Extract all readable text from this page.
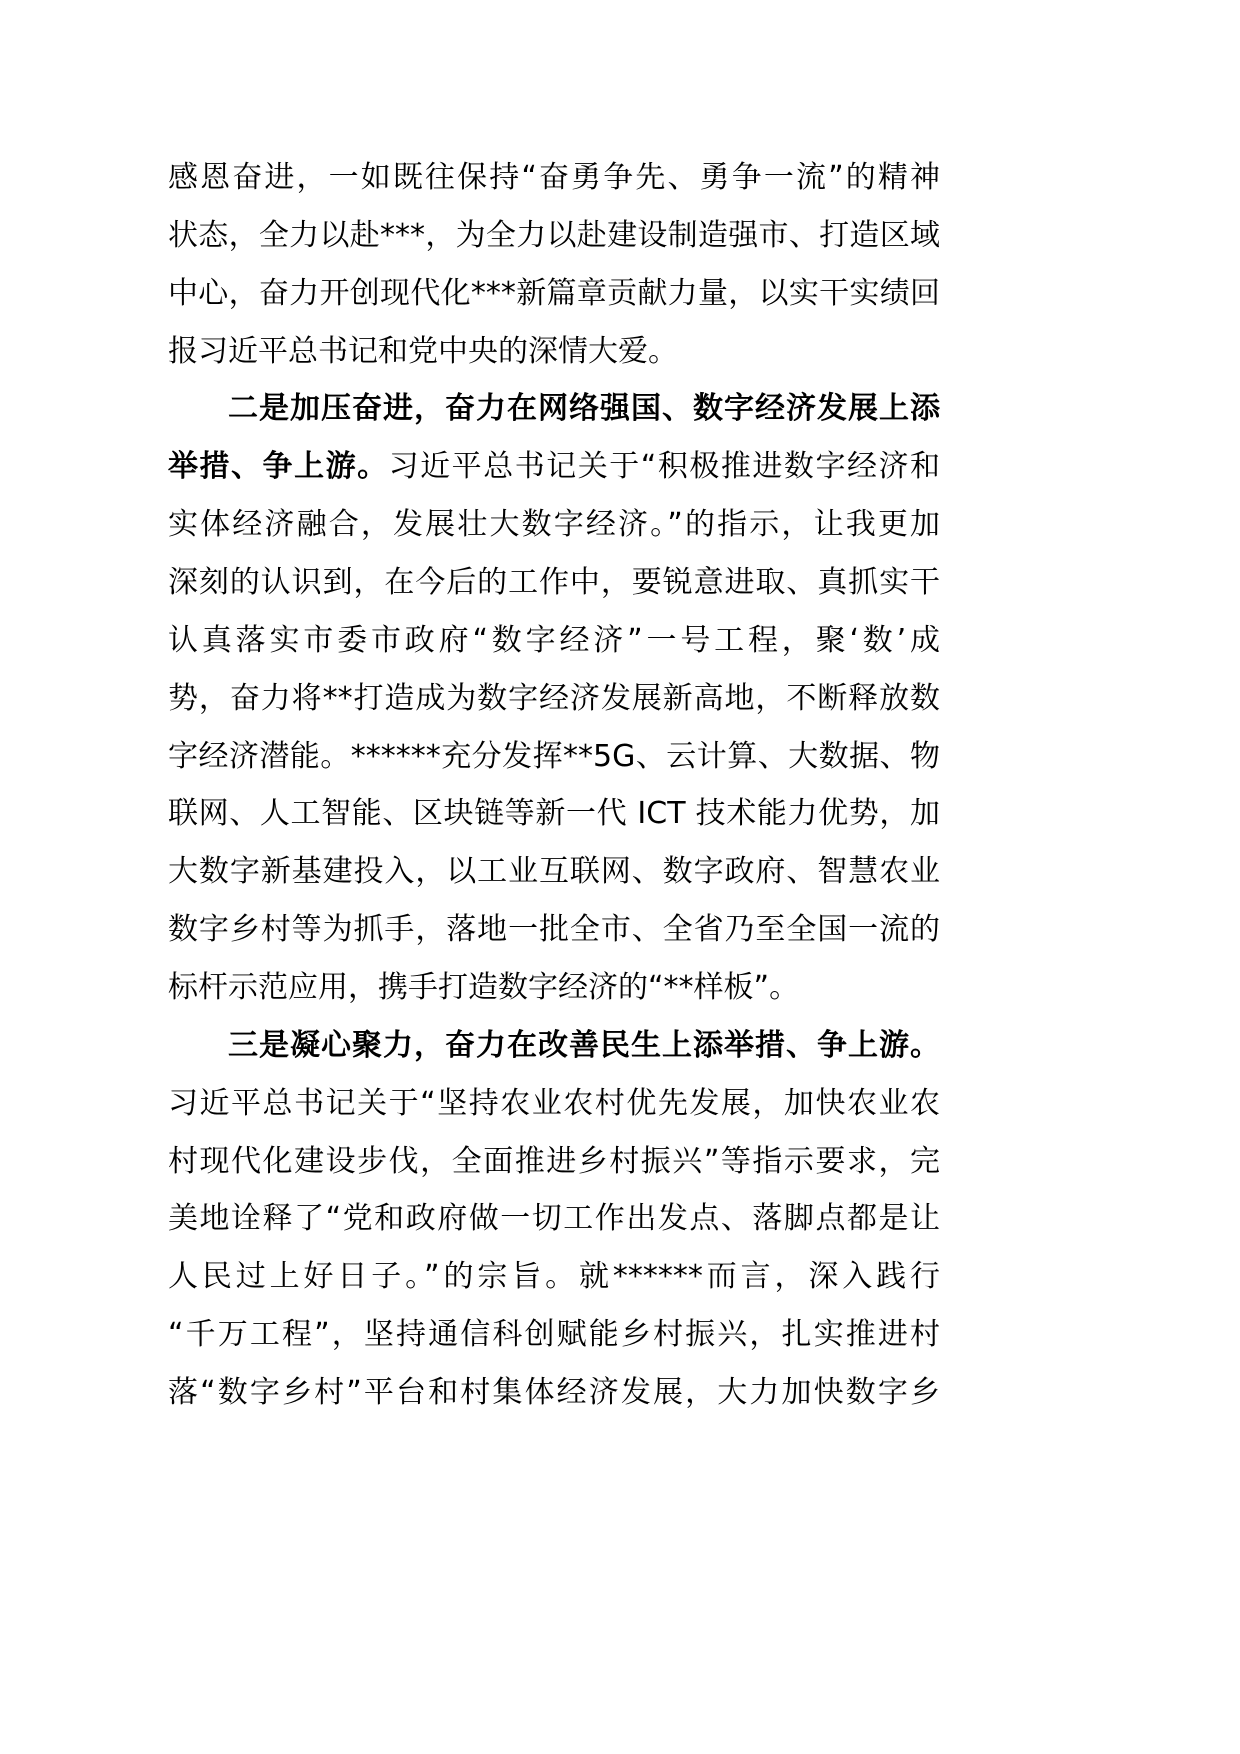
感恩奋进，一如既往保持“奋勇争先、勇争一流”的精神
状态，全力以赴***，为全力以赴建设制造强市、打造区域
中心，奋力开创现代化***新篇章贡献力量，以实干实绩回
报习近平总书记和党中央的深情大爱。
二是加压奋进，奋力在网络强国、数字经济发展上添
举措、争上游。习近平总书记关于“积极推进数字经济和
实体经济融合，发展壮大数字经济。”的指示，让我更加
深刻的认识到，在今后的工作中，要锐意进取、真抓实干
认真落实市委市政府“数字经济”一号工程，聚‘数’成
势，奋力将**打造成为数字经济发展新高地，不断释放数
字经济潜能。******充分发挥**5G、云计算、大数据、物
联网、人工智能、区块链等新一代 ICT 技术能力优势，加
大数字新基建投入，以工业互联网、数字政府、智慧农业
数字乡村等为抓手，落地一批全市、全省乃至全国一流的
标杆示范应用，携手打造数字经济的“**样板”。
三是凝心聚力，奋力在改善民生上添举措、争上游。
习近平总书记关于“坚持农业农村优先发展，加快农业农
村现代化建设步伐，全面推进乡村振兴”等指示要求，完
美地诠释了“党和政府做一切工作出发点、落脚点都是让
人民过上好日子。”的宗旨。就******而言，深入践行
“千万工程”，坚持通信科创赋能乡村振兴，扎实推进村
落“数字乡村”平台和村集体经济发展，大力加快数字乡
